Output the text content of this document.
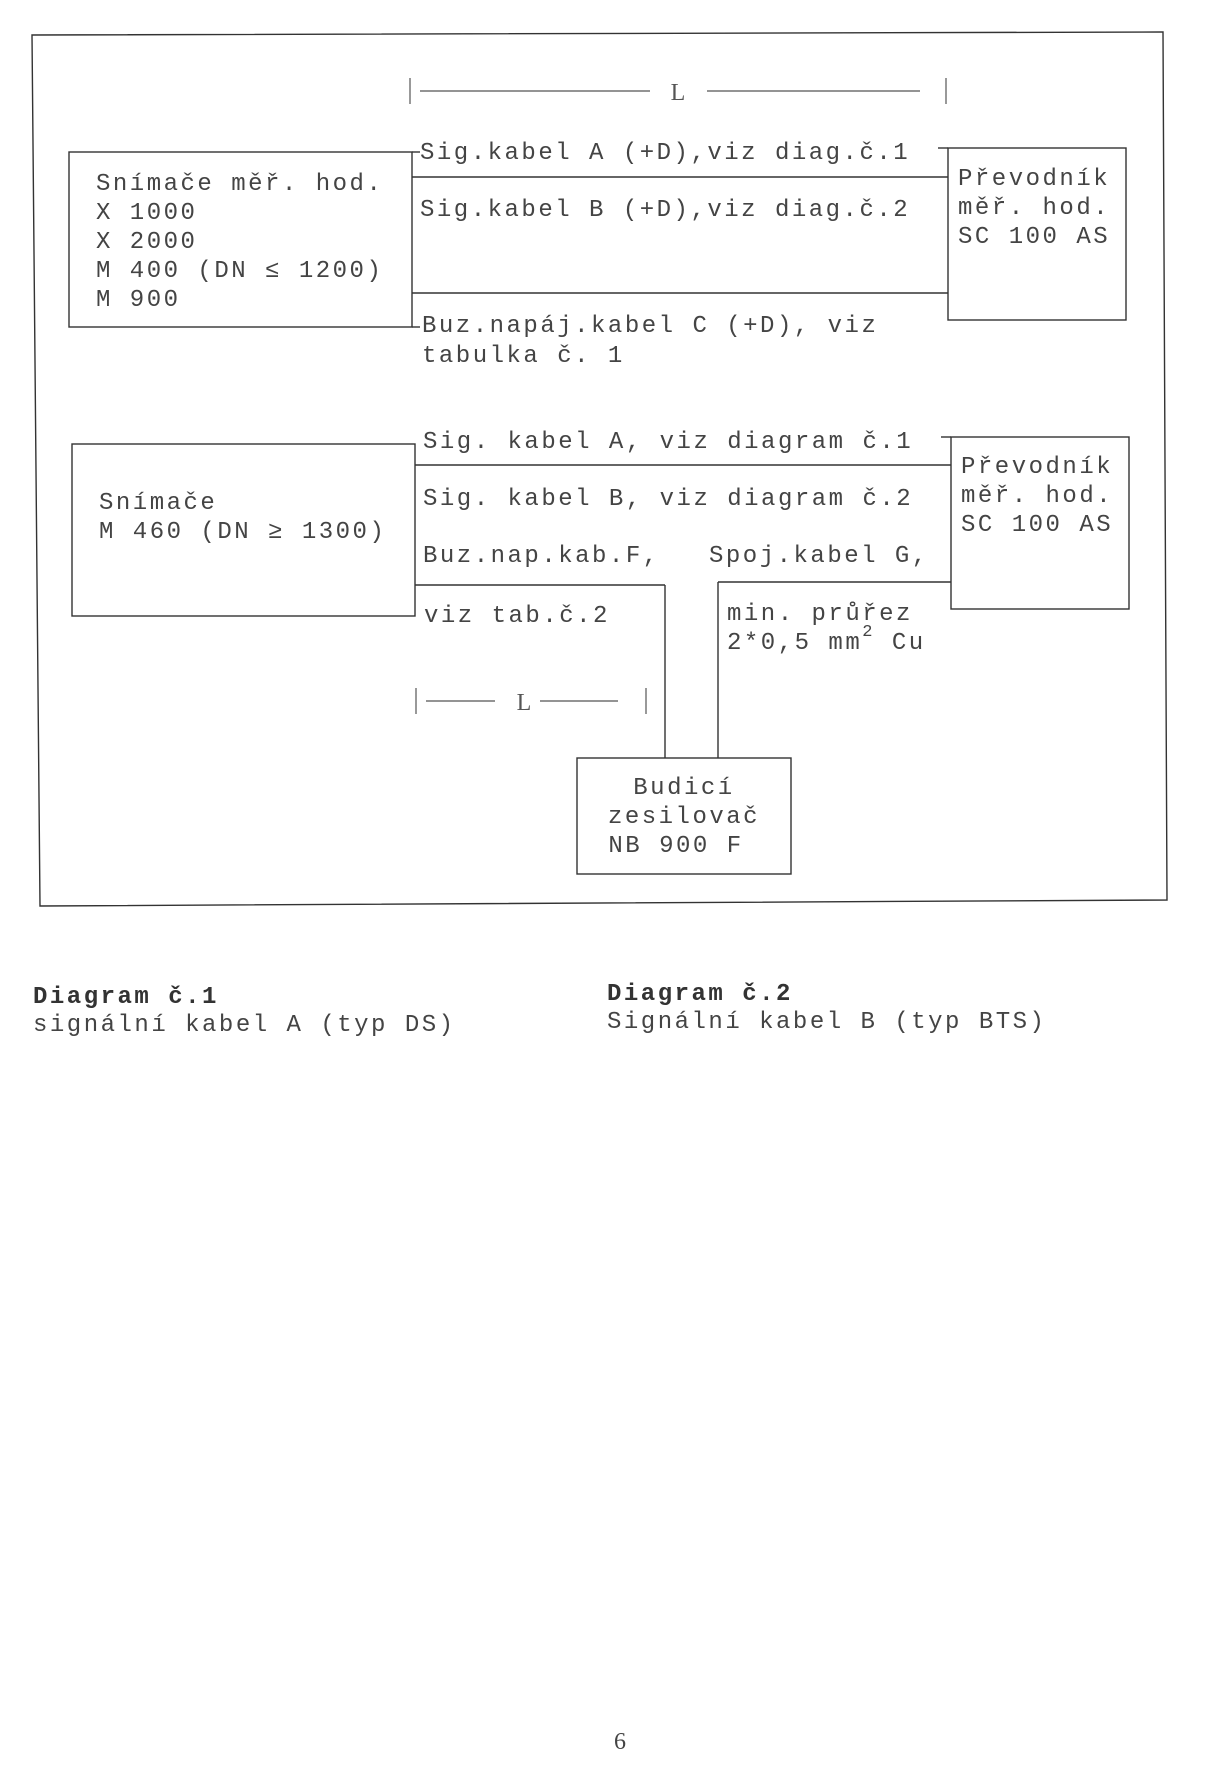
L
Snímače měř. hod.
X 1000
X 2000
M 400 (DN ≤ 1200)
M 900
Převodník
měř. hod.
SC 100 AS
Sig.kabel A (+D),viz diag.č.1
Sig.kabel B (+D),viz diag.č.2
Buz.napáj.kabel C (+D), viz
tabulka č. 1
Snímače
M 460 (DN ≥ 1300)
Převodník
měř. hod.
SC 100 AS
Sig. kabel A, viz diagram č.1
Sig. kabel B, viz diagram č.2
Buz.nap.kab.F, Spoj.kabel G,
viz tab.č.2	min. průřez
2*0,5 $mm^2$ Cu
L
Budicí
zesilovač
NB 900 F
Diagram č.1
signální kabel A (typ DS)
Diagram č.2
Signální kabel B (typ BTS)
6
